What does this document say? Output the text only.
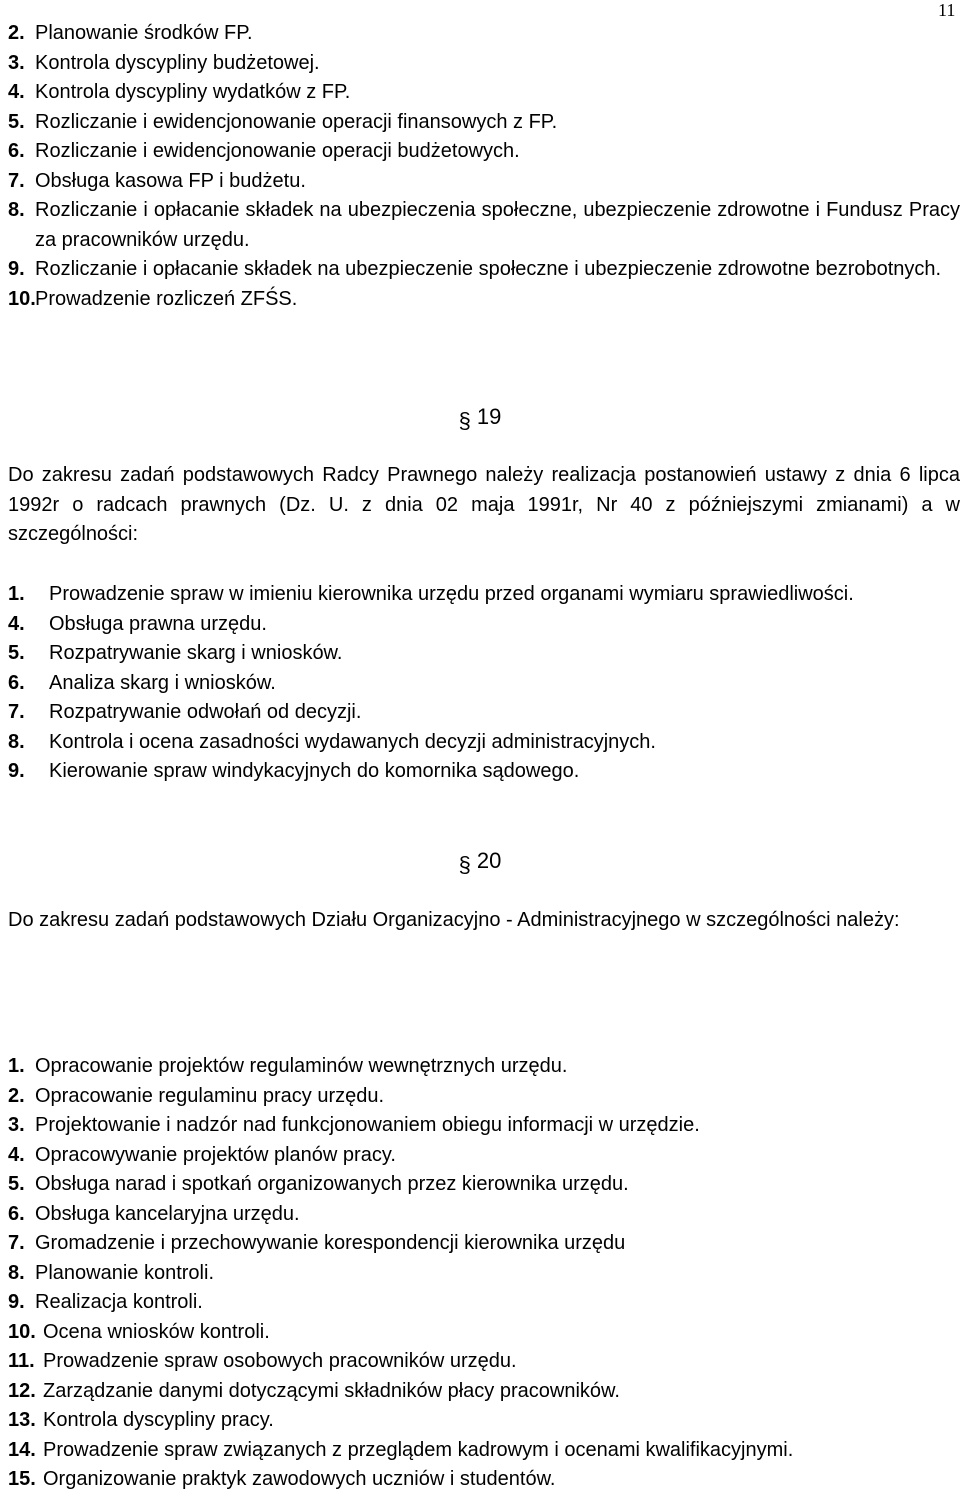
11
2. Planowanie środków FP.
3. Kontrola dyscypliny budżetowej.
4. Kontrola dyscypliny wydatków z FP.
5. Rozliczanie i ewidencjonowanie operacji finansowych z FP.
6. Rozliczanie i ewidencjonowanie operacji budżetowych.
7. Obsługa kasowa FP i budżetu.
8. Rozliczanie i opłacanie składek na ubezpieczenia społeczne, ubezpieczenie zdrowotne i Fundusz Pracy za pracowników urzędu.
9. Rozliczanie i opłacanie składek na ubezpieczenie społeczne i ubezpieczenie zdrowotne bezrobotnych.
10. Prowadzenie rozliczeń ZFŚS.
§ 19

Do zakresu zadań podstawowych Radcy Prawnego należy realizacja postanowień ustawy z dnia 6 lipca 1992r o radcach prawnych (Dz. U. z dnia 02 maja 1991r, Nr 40 z późniejszymi zmianami) a w szczególności:

1.	Prowadzenie spraw w imieniu kierownika urzędu przed organami wymiaru sprawiedliwości.
4.	Obsługa prawna urzędu.
5.	Rozpatrywanie skarg i wniosków.
6.	Analiza skarg i wniosków.
7.	Rozpatrywanie odwołań od decyzji.
8.	Kontrola i ocena zasadności wydawanych decyzji administracyjnych.
9.	Kierowanie spraw windykacyjnych do komornika sądowego.
§ 20

Do zakresu zadań podstawowych Działu Organizacyjno - Administracyjnego w szczególności należy:

1. Opracowanie projektów regulaminów wewnętrznych urzędu.
2. Opracowanie regulaminu pracy urzędu.
3. Projektowanie i nadzór nad funkcjonowaniem obiegu informacji w urzędzie.
4. Opracowywanie projektów planów pracy.
5. Obsługa narad i spotkań organizowanych przez kierownika urzędu.
6. Obsługa kancelaryjna urzędu.
7. Gromadzenie i przechowywanie korespondencji kierownika urzędu
8. Planowanie kontroli.
9. Realizacja kontroli.
10. Ocena wniosków kontroli.
11. Prowadzenie spraw osobowych pracowników urzędu.
12. Zarządzanie danymi dotyczącymi składników płacy pracowników.
13. Kontrola dyscypliny pracy.
14. Prowadzenie spraw związanych z przeglądem kadrowym i ocenami kwalifikacyjnymi.
15. Organizowanie praktyk zawodowych uczniów i studentów.
